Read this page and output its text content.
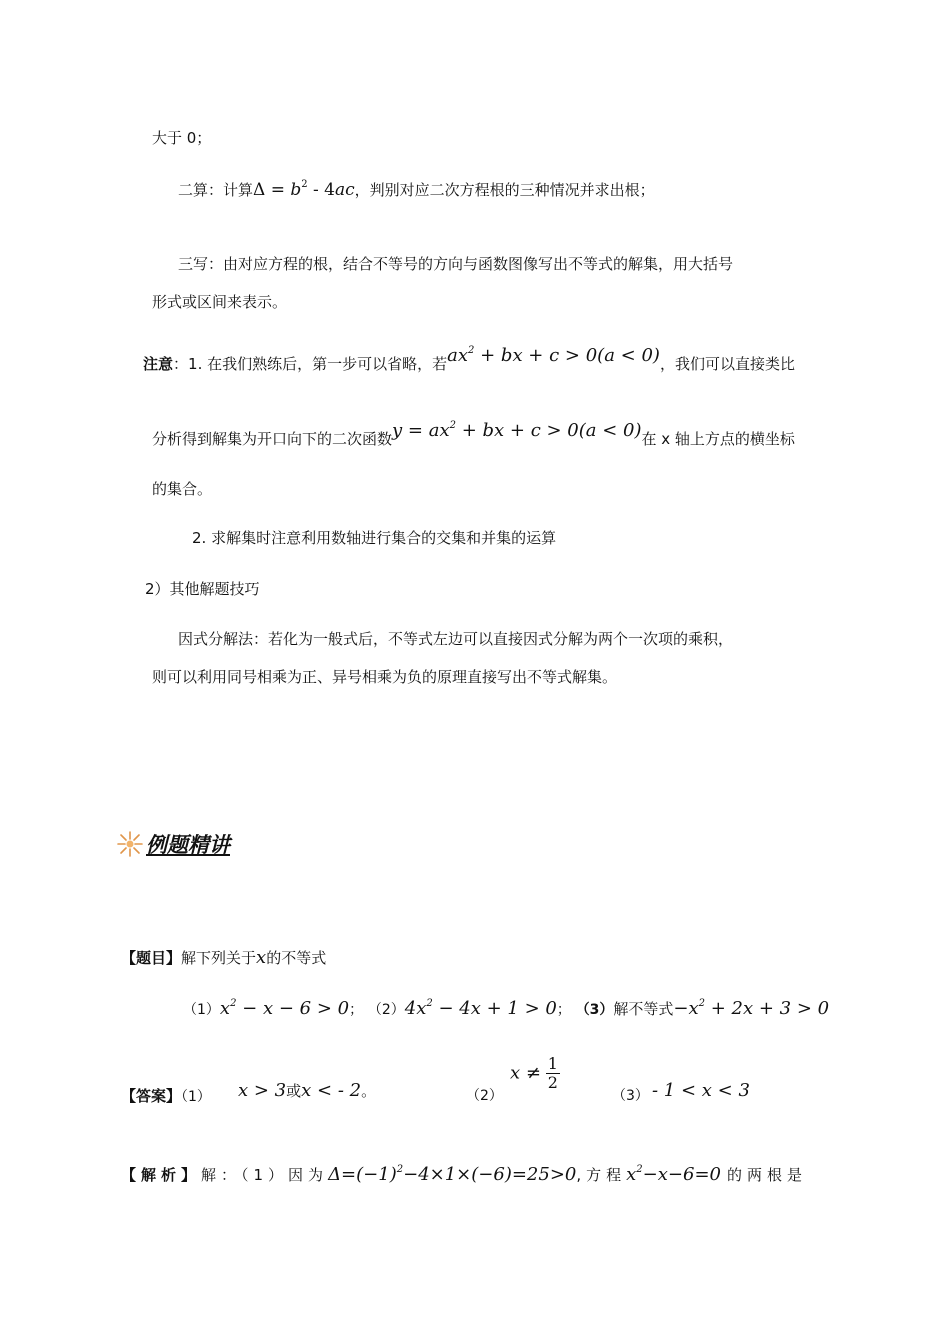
大于 0；
二算：计算$\Delta = b^2 - 4ac$，判别对应二次方程根的三种情况并求出根；
三写：由对应方程的根，结合不等号的方向与函数图像写出不等式的解集，用大括号
形式或区间来表示。
注意：1. 在我们熟练后，第一步可以省略，若$ax^2$ + bx + c > 0(a < 0)，我们可以直接类比
分析得到解集为开口向下的二次函数$y = ax^2$ + bx + c > 0(a < 0)在 x 轴上方点的横坐标
的集合。
2. 求解集时注意利用数轴进行集合的交集和并集的运算
2）其他解题技巧
因式分解法：若化为一般式后，不等式左边可以直接因式分解为两个一次项的乘积，
则可以利用同号相乘为正、异号相乘为负的原理直接写出不等式解集。
例题精讲
【题目】解下列关于x的不等式
$(1)x^2 - x - 6 > 0$； $(2)4x^2 - 4x + 1 > 0$； （3）解不等式$-x^2 + 2x + 3 > 0$
【答案】（1） x > 3或x < - 2。	（2）
$x \ne \frac{1}{2}$
（3） - 1 < x < 3
【解析】解：（1）因为$\Delta=(-1)^2-4\times 1\times(-6)=25>0$,方程$x^2-x-6=0$ 的两根是
